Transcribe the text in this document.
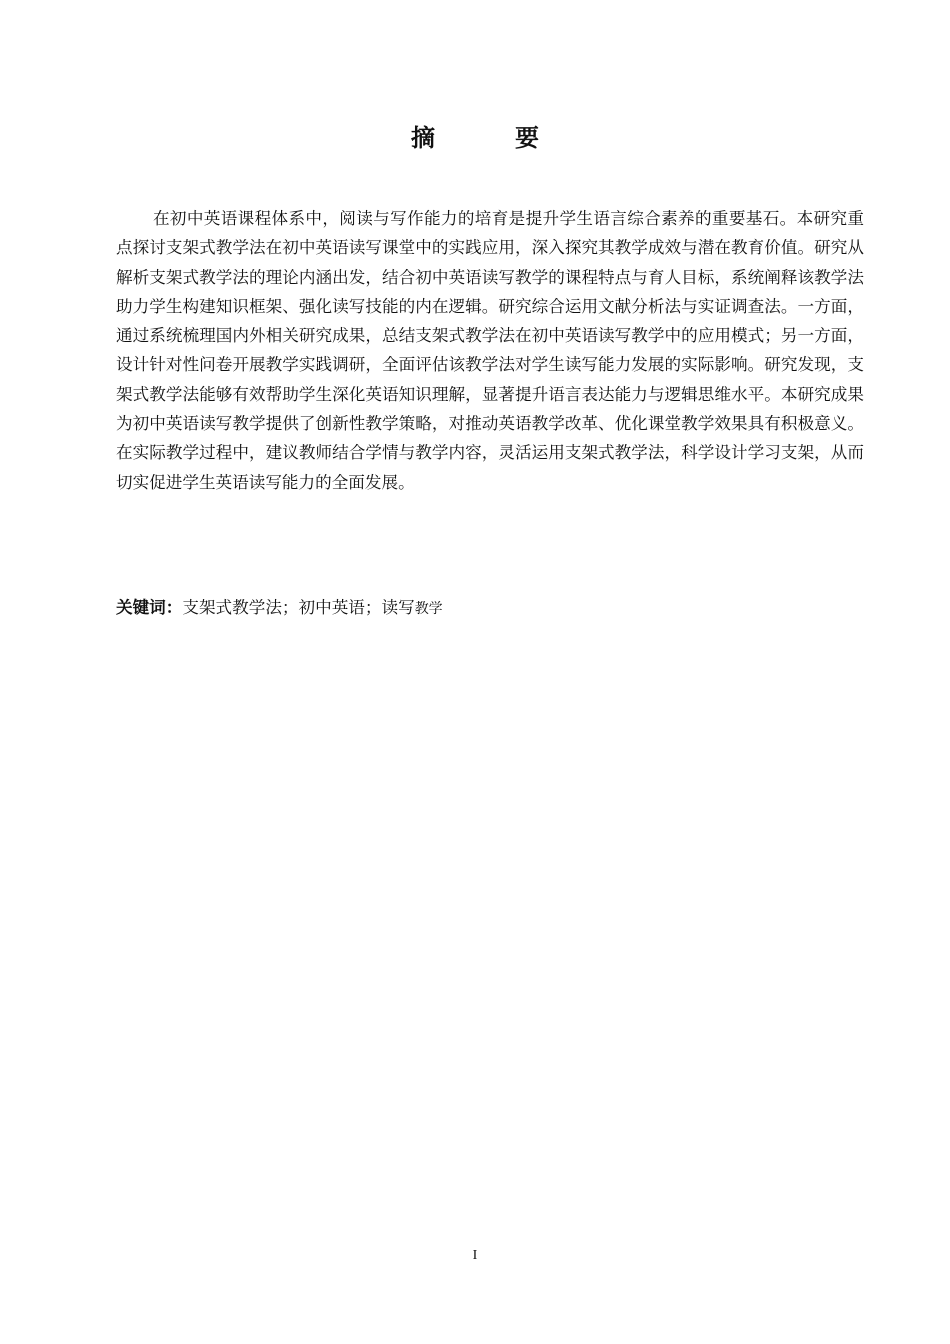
摘　要

在初中英语课程体系中，阅读与写作能力的培育是提升学生语言综合素养的重要基石。本研究重点探讨支架式教学法在初中英语读写课堂中的实践应用，深入探究其教学成效与潜在教育价值。研究从解析支架式教学法的理论内涵出发，结合初中英语读写教学的课程特点与育人目标，系统阐释该教学法助力学生构建知识框架、强化读写技能的内在逻辑。研究综合运用文献分析法与实证调查法。一方面，通过系统梳理国内外相关研究成果，总结支架式教学法在初中英语读写教学中的应用模式；另一方面，设计针对性问卷开展教学实践调研，全面评估该教学法对学生读写能力发展的实际影响。研究发现，支架式教学法能够有效帮助学生深化英语知识理解，显著提升语言表达能力与逻辑思维水平。本研究成果为初中英语读写教学提供了创新性教学策略，对推动英语教学改革、优化课堂教学效果具有积极意义。在实际教学过程中，建议教师结合学情与教学内容，灵活运用支架式教学法，科学设计学习支架，从而切实促进学生英语读写能力的全面发展。

关键词：支架式教学法；初中英语；读写教学
I
